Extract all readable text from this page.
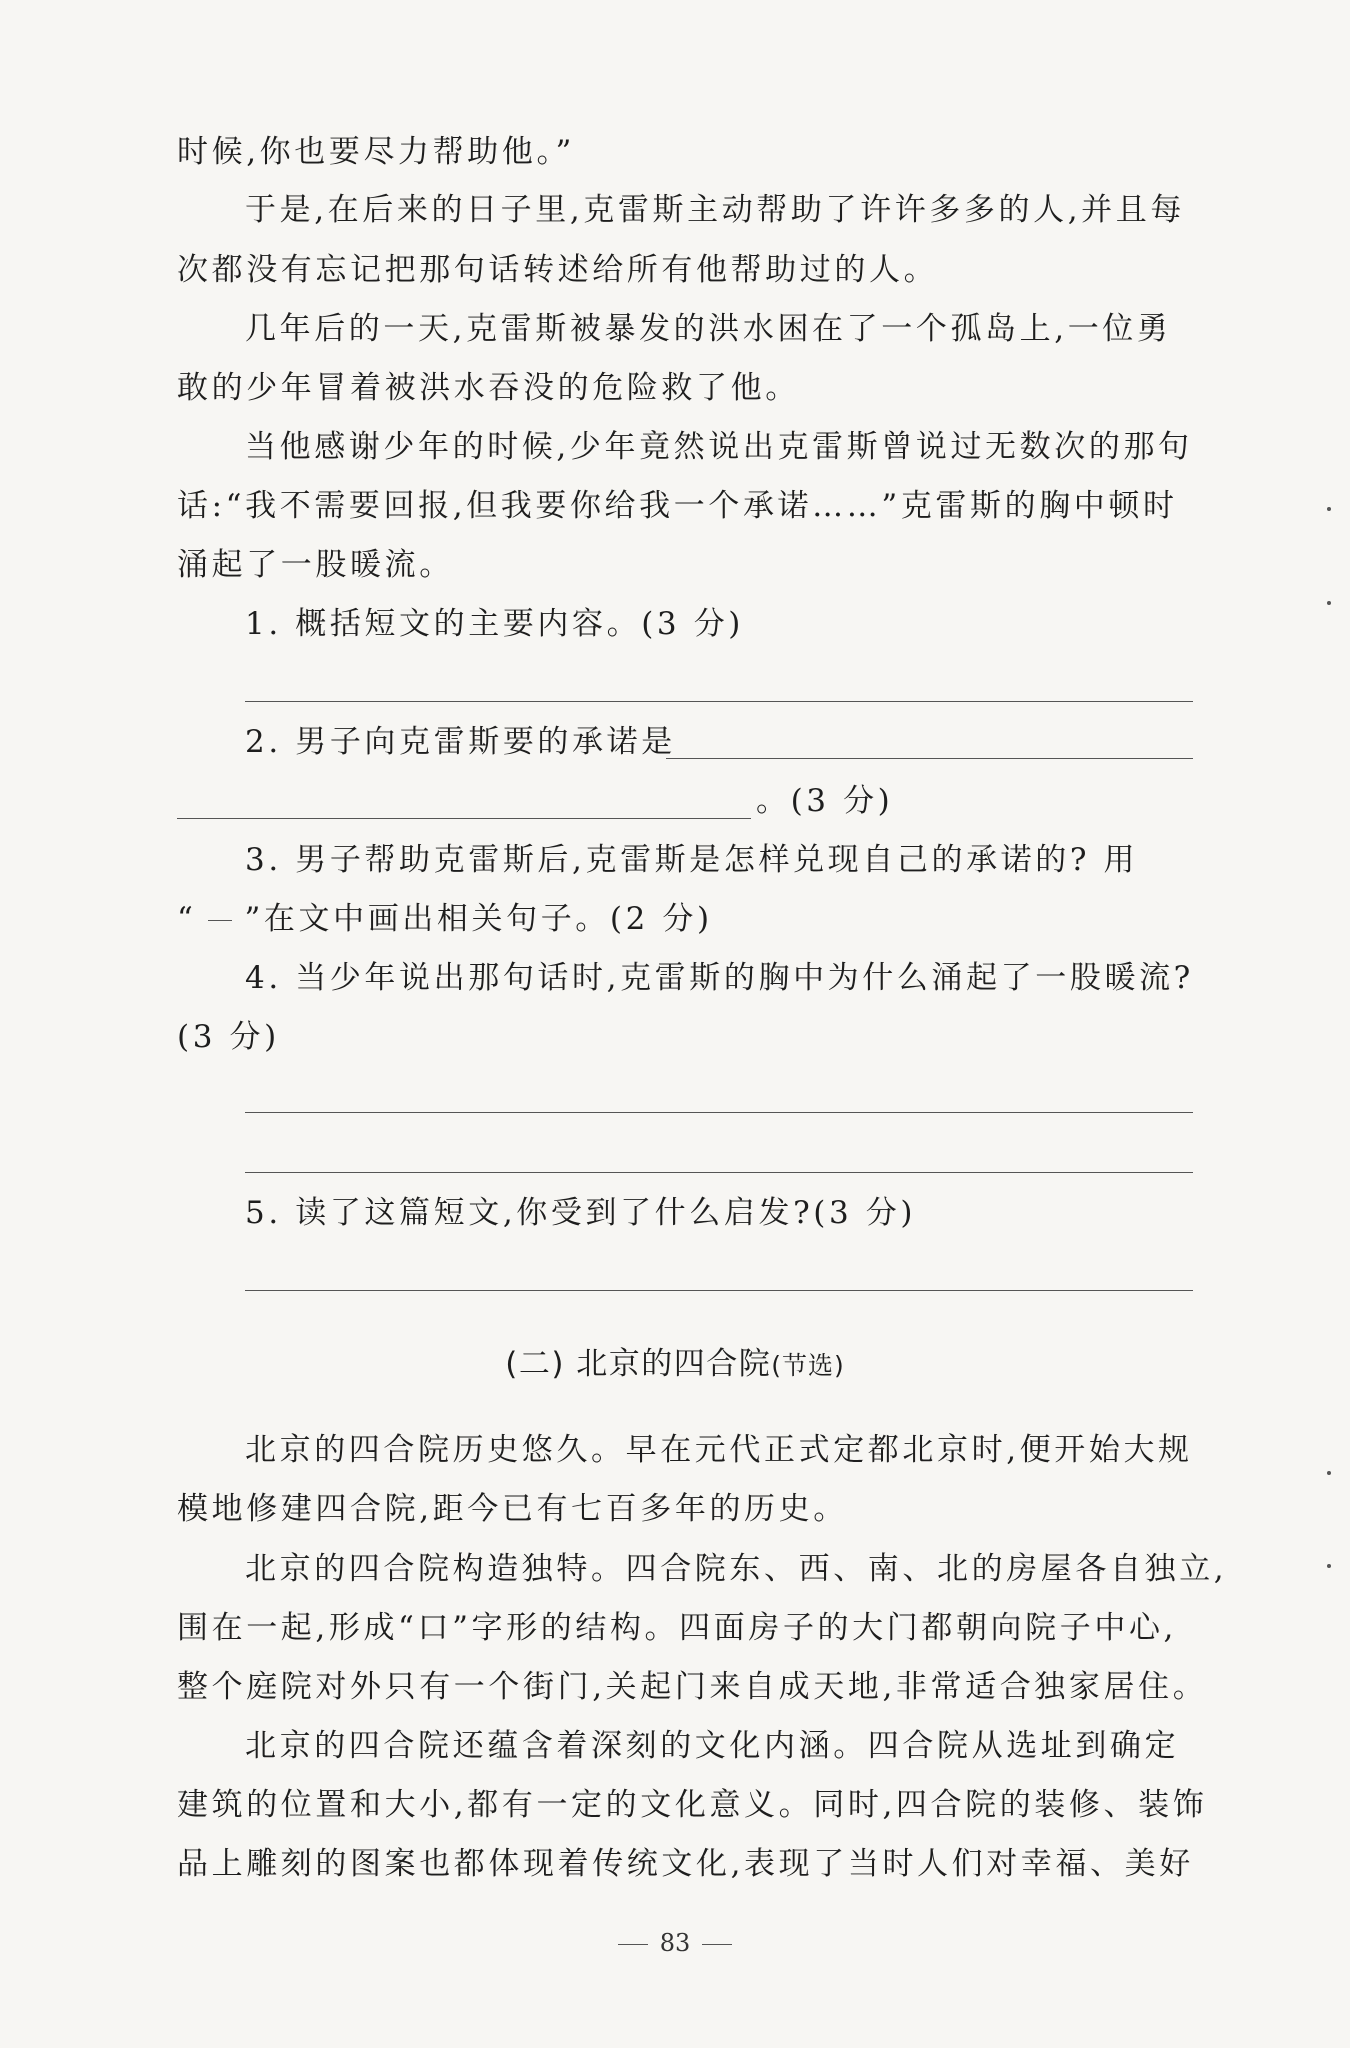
时候,你也要尽力帮助他。”
于是,在后来的日子里,克雷斯主动帮助了许许多多的人,并且每
次都没有忘记把那句话转述给所有他帮助过的人。
几年后的一天,克雷斯被暴发的洪水困在了一个孤岛上,一位勇
敢的少年冒着被洪水吞没的危险救了他。
当他感谢少年的时候,少年竟然说出克雷斯曾说过无数次的那句
话:“我不需要回报,但我要你给我一个承诺……”克雷斯的胸中顿时
涌起了一股暖流。
1. 概括短文的主要内容。(3 分)
2. 男子向克雷斯要的承诺是
。(3 分)
3. 男子帮助克雷斯后,克雷斯是怎样兑现自己的承诺的? 用
“ ”在文中画出相关句子。(2 分)
4. 当少年说出那句话时,克雷斯的胸中为什么涌起了一股暖流?
(3 分)
5. 读了这篇短文,你受到了什么启发?(3 分)
(二) 北京的四合院(节选)
北京的四合院历史悠久。早在元代正式定都北京时,便开始大规
模地修建四合院,距今已有七百多年的历史。
北京的四合院构造独特。四合院东、西、南、北的房屋各自独立,
围在一起,形成“口”字形的结构。四面房子的大门都朝向院子中心,
整个庭院对外只有一个街门,关起门来自成天地,非常适合独家居住。
北京的四合院还蕴含着深刻的文化内涵。四合院从选址到确定
建筑的位置和大小,都有一定的文化意义。同时,四合院的装修、装饰
品上雕刻的图案也都体现着传统文化,表现了当时人们对幸福、美好
83
